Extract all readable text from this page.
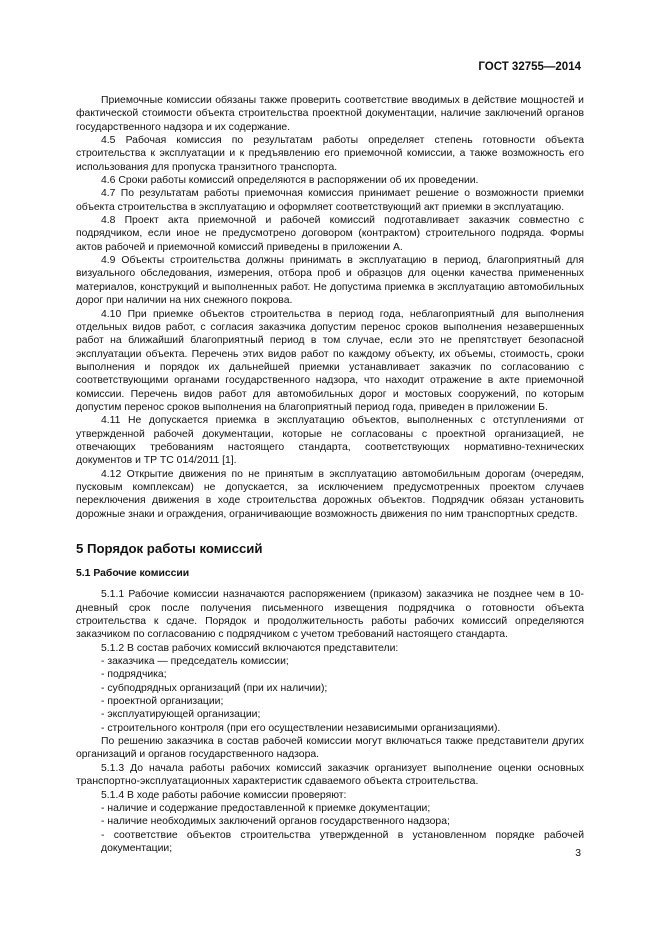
ГОСТ 32755—2014

Приемочные комиссии обязаны также проверить соответствие вводимых в действие мощностей и фактической стоимости объекта строительства проектной документации, наличие заключений органов государственного надзора и их содержание.

4.5 Рабочая комиссия по результатам работы определяет степень готовности объекта строительства к эксплуатации и к предъявлению его приемочной комиссии, а также возможность его использования для пропуска транзитного транспорта.

4.6 Сроки работы комиссий определяются в распоряжении об их проведении.

4.7 По результатам работы приемочная комиссия принимает решение о возможности приемки объекта строительства в эксплуатацию и оформляет соответствующий акт приемки в эксплуатацию.

4.8 Проект акта приемочной и рабочей комиссий подготавливает заказчик совместно с подрядчиком, если иное не предусмотрено договором (контрактом) строительного подряда. Формы актов рабочей и приемочной комиссий приведены в приложении А.

4.9 Объекты строительства должны принимать в эксплуатацию в период, благоприятный для визуального обследования, измерения, отбора проб и образцов для оценки качества примененных материалов, конструкций и выполненных работ. Не допустима приемка в эксплуатацию автомобильных дорог при наличии на них снежного покрова.

4.10 При приемке объектов строительства в период года, неблагоприятный для выполнения отдельных видов работ, с согласия заказчика допустим перенос сроков выполнения незавершенных работ на ближайший благоприятный период в том случае, если это не препятствует безопасной эксплуатации объекта. Перечень этих видов работ по каждому объекту, их объемы, стоимость, сроки выполнения и порядок их дальнейшей приемки устанавливает заказчик по согласованию с соответствующими органами государственного надзора, что находит отражение в акте приемочной комиссии. Перечень видов работ для автомобильных дорог и мостовых сооружений, по которым допустим перенос сроков выполнения на благоприятный период года, приведен в приложении Б.

4.11 Не допускается приемка в эксплуатацию объектов, выполненных с отступлениями от утвержденной рабочей документации, которые не согласованы с проектной организацией, не отвечающих требованиям настоящего стандарта, соответствующих нормативно-технических документов и ТР ТС 014/2011 [1].

4.12 Открытие движения по не принятым в эксплуатацию автомобильным дорогам (очередям, пусковым комплексам) не допускается, за исключением предусмотренных проектом случаев переключения движения в ходе строительства дорожных объектов. Подрядчик обязан установить дорожные знаки и ограждения, ограничивающие возможность движения по ним транспортных средств.

5 Порядок работы комиссий
5.1 Рабочие комиссии

5.1.1 Рабочие комиссии назначаются распоряжением (приказом) заказчика не позднее чем в 10-дневный срок после получения письменного извещения подрядчика о готовности объекта строительства к сдаче. Порядок и продолжительность работы рабочих комиссий определяются заказчиком по согласованию с подрядчиком с учетом требований настоящего стандарта.

5.1.2 В состав рабочих комиссий включаются представители:

- заказчика — председатель комиссии;

- подрядчика;

- субподрядных организаций (при их наличии);

- проектной организации;

- эксплуатирующей организации;

- строительного контроля (при его осуществлении независимыми организациями).

По решению заказчика в состав рабочей комиссии могут включаться также представители других организаций и органов государственного надзора.

5.1.3 До начала работы рабочих комиссий заказчик организует выполнение оценки основных транспортно-эксплуатационных характеристик сдаваемого объекта строительства.

5.1.4 В ходе работы рабочие комиссии проверяют:

- наличие и содержание предоставленной к приемке документации;

- наличие необходимых заключений органов государственного надзора;

- соответствие объектов строительства утвержденной в установленном порядке рабочей документации;	3
